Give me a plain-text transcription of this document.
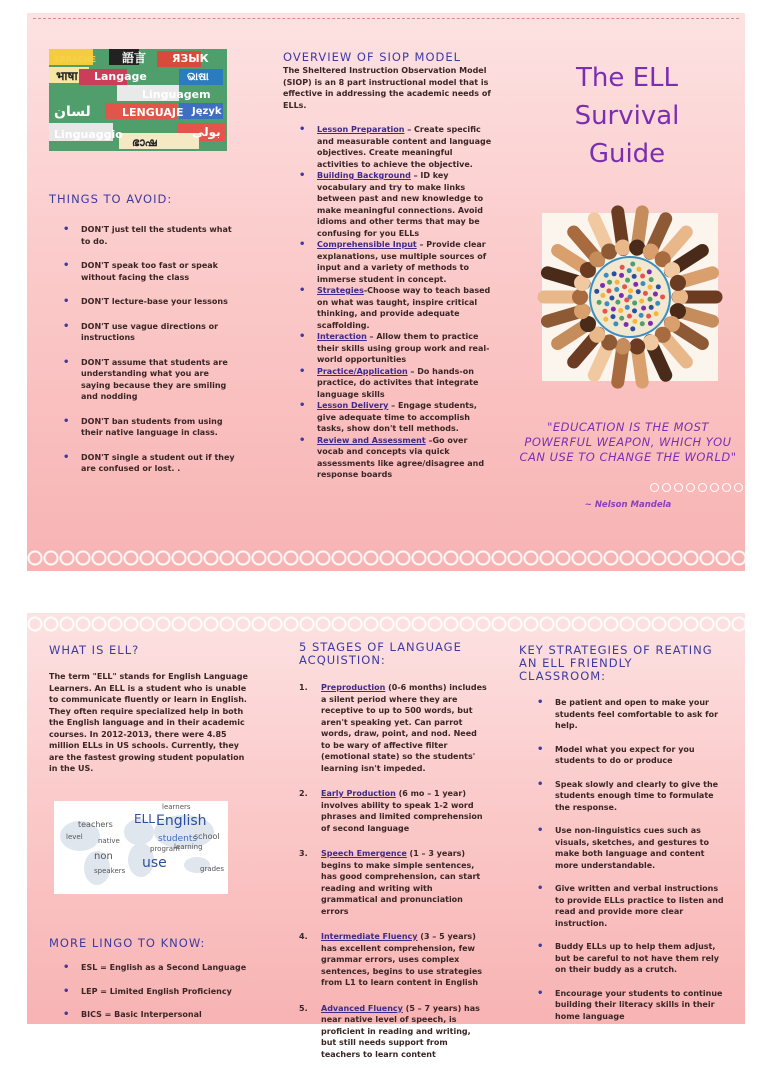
SPRACHE 語言 ЯЗЫК
भाषा Langage	ଭାଷା
Linguagem
LENGUAJE
لسان	Język
Linguaggio	بولی
ഭാഷ
THINGS TO AVOID:
• DON'T just tell the students what to do.
• DON'T speak too fast or speak without facing the class
• DON'T lecture-base your lessons
• DON'T use vague directions or instructions
• DON'T assume that students are understanding what you are saying because they are smiling and nodding
• DON'T ban students from using their native language in class.
• DON'T single a student out if they are confused or lost. .
OVERVIEW OF SIOP MODEL

The Sheltered Instruction Observation Model (SIOP) is an 8 part instructional model that is effective in addressing the academic needs of ELLs.

• Lesson Preparation – Create specific and measurable content and language objectives. Create meaningful activities to achieve the objective.
• Building Background – ID key vocabulary and try to make links between past and new knowledge to make meaningful connections. Avoid idioms and other terms that may be confusing for you ELLs
• Comprehensible Input – Provide clear explanations, use multiple sources of input and a variety of methods to immerse student in concept.
• Strategies-Choose way to teach based on what was taught, inspire critical thinking, and provide adequate scaffolding.
• Interaction – Allow them to practice their skills using group work and real-world opportunities
• Practice/Application – Do hands-on practice, do activites that integrate language skills
• Lesson Delivery – Engage students, give adequate time to accomplish tasks, show don't tell methods.
• Review and Assessment –Go over vocab and concepts via quick assessments like agree/disagree and response boards
The ELL
Survival
Guide
"EDUCATION IS THE MOST POWERFUL WEAPON, WHICH YOU CAN USE TO CHANGE THE WORLD"
~ Nelson Mandela
WHAT IS ELL?

The term "ELL" stands for English Language Learners. An ELL is a student who is unable to communicate fluently or learn in English. They often require specialized help in both the English language and in their academic courses. In 2012-2013, there were 4.85 million ELLs in US schools. Currently, they are the fastest growing student population in the US.

ELL English
students
learners
program
use
non
speakers
level
grades
teachers
school
native
learning
MORE LINGO TO KNOW:
• ESL = English as a Second Language
• LEP = Limited English Proficiency
• BICS = Basic Interpersonal
5 STAGES OF LANGUAGE ACQUISTION:
1. Preproduction (0-6 months) includes a silent period where they are receptive to up to 500 words, but aren't speaking yet. Can parrot words, draw, point, and nod. Need to be wary of affective filter (emotional state) so the students' learning isn't impeded.
2. Early Production (6 mo – 1 year) involves ability to speak 1-2 word phrases and limited comprehension of second language
3. Speech Emergence (1 – 3 years) begins to make simple sentences, has good comprehension, can start reading and writing with grammatical and pronunciation errors
4. Intermediate Fluency (3 – 5 years) has excellent comprehension, few grammar errors, uses complex sentences, begins to use strategies from L1 to learn content in English
5. Advanced Fluency (5 – 7 years) has near native level of speech, is proficient in reading and writing, but still needs support from teachers to learn content
KEY STRATEGIES OF REATING AN ELL FRIENDLY CLASSROOM:
• Be patient and open to make your students feel comfortable to ask for help.
• Model what you expect for you students to do or produce
• Speak slowly and clearly to give the students enough time to formulate the response.
• Use non-linguistics cues such as visuals, sketches, and gestures to make both language and content more understandable.
• Give written and verbal instructions to provide ELLs practice to listen and read and provide more clear instruction.
• Buddy ELLs up to help them adjust, but be careful to not have them rely on their buddy as a crutch.
• Encourage your students to continue building their literacy skills in their home language
